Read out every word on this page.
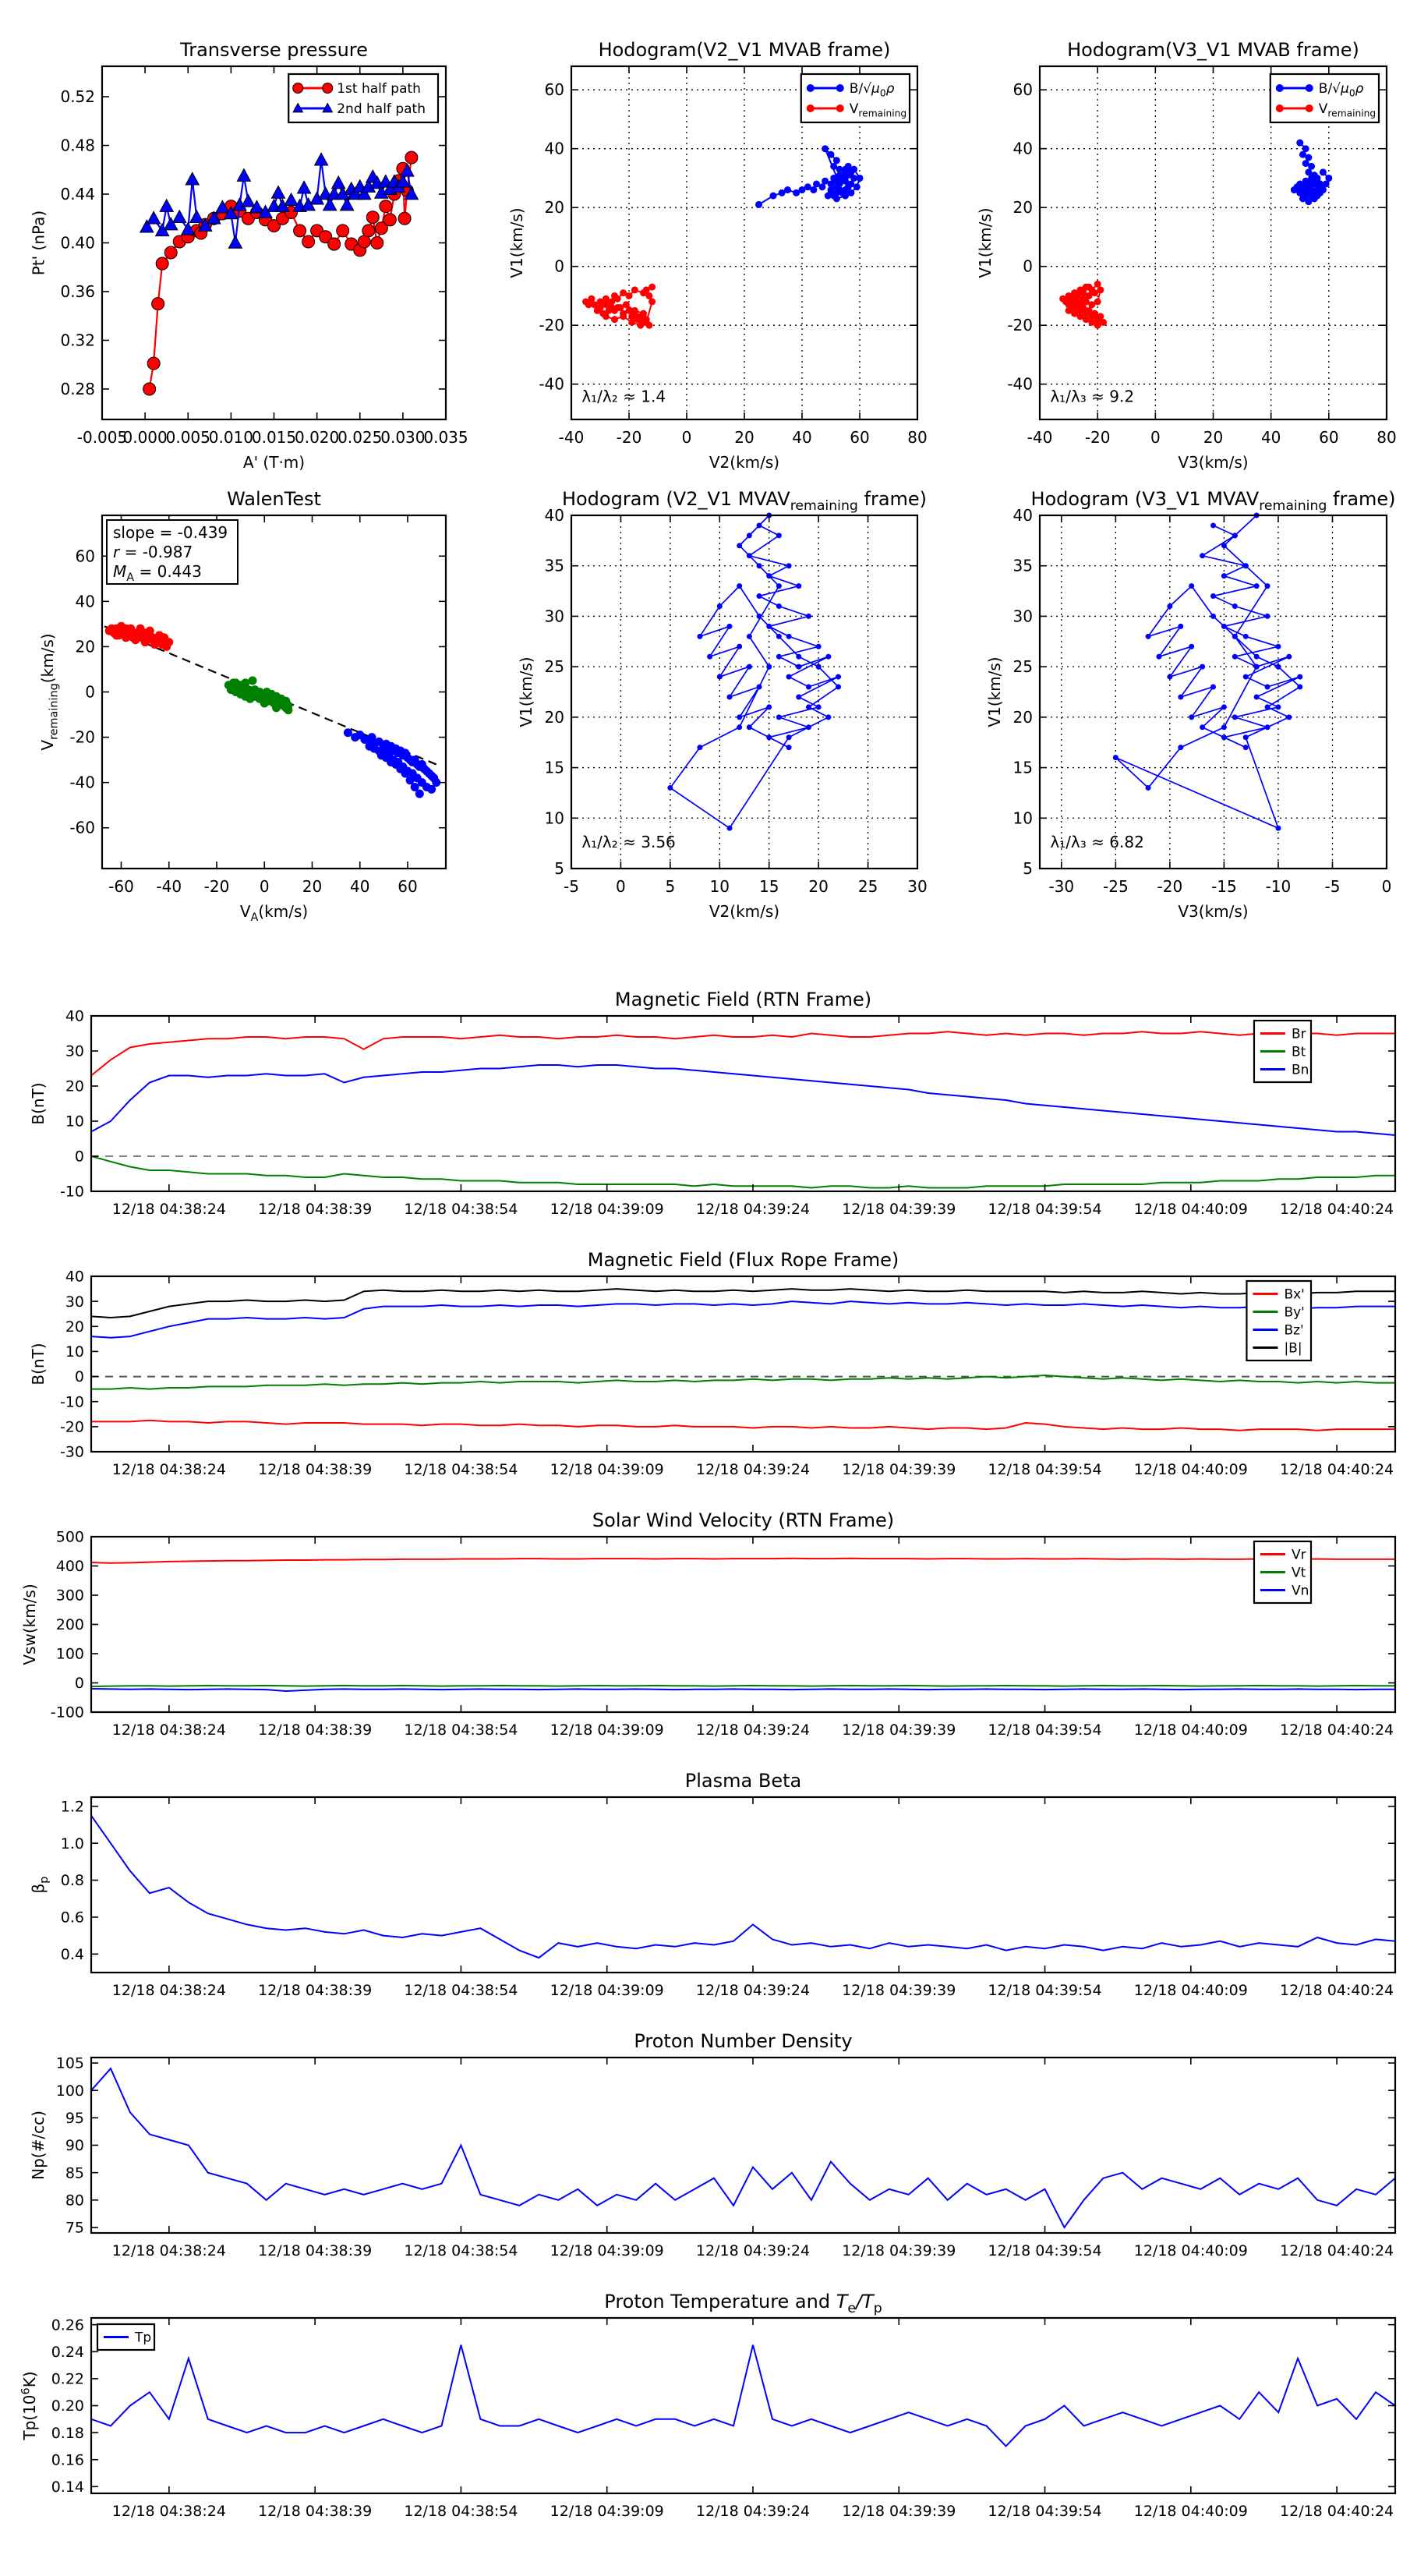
-0.005
0.000
0.005
0.010
0.015
0.020
0.025
0.030
0.035
0.28
0.32
0.36
0.40
0.44
0.48
0.52
Transverse pressure
A' (T·m)
Pt' (nPa)
1st half path
2nd half path
-40 -20	0	20 40 60 80
-40
-20
0
20
40
60
Hodogram(V2_V1 MVAB frame)
V2(km/s)
V1(km/s)
λ₁/λ₂ ≈ 1.4
$B/√\mu_0\rho$
$V_{remaining}$
-40 -20	0	20 40 60 80
-40
-20
0
20
40
60
Hodogram(V3_V1 MVAB frame)
V3(km/s)
V1(km/s)
λ₁/λ₃ ≈ 9.2
$B/√\mu_0\rho$
$V_{remaining}$
-60 -40 -20 0 20 40 60
-60
-40
-20
0
20
40
60
WalenTest
$V_A(km/s)$
$V_{remaining}(km/s)$
slope = -0.439
r = -0.987
$M_A = 0.443$
-5 0	5 10 15 20 25 30
5
10
15
20
25
30
35
40
Hodogram (V2_V1 $MVAV_{remaining}$ frame)
V2(km/s)
V1(km/s)
λ₁/λ₂ ≈ 3.56
-30 -25 -20 -15 -10 -5	0
5
10
15
20
25
30
35
40
Hodogram (V3_V1 $MVAV_{remaining}$ frame)
V3(km/s)
V1(km/s)
λ₁/λ₃ ≈ 6.82
12/18 04:38:24 12/18 04:38:39 12/18 04:38:54 12/18 04:39:09 12/18 04:39:24 12/18 04:39:39 12/18 04:39:54 12/18 04:40:09 12/18 04:40:24
-10
0
10
20
30
40
Magnetic Field (RTN Frame)
B(nT)
Br
Bt
Bn
12/18 04:38:24 12/18 04:38:39 12/18 04:38:54 12/18 04:39:09 12/18 04:39:24 12/18 04:39:39 12/18 04:39:54 12/18 04:40:09 12/18 04:40:24
-30
-20
-10
0
10
20
30
40
Magnetic Field (Flux Rope Frame)
B(nT)
Bx'
By'
Bz'
|B|
12/18 04:38:24 12/18 04:38:39 12/18 04:38:54 12/18 04:39:09 12/18 04:39:24 12/18 04:39:39 12/18 04:39:54 12/18 04:40:09 12/18 04:40:24
-100
0
100
200
300
400
500
Solar Wind Velocity (RTN Frame)
Vsw(km/s)
Vr
Vt
Vn
12/18 04:38:24 12/18 04:38:39 12/18 04:38:54 12/18 04:39:09 12/18 04:39:24 12/18 04:39:39 12/18 04:39:54 12/18 04:40:09 12/18 04:40:24
0.4
0.6
0.8
1.0
1.2
Plasma Beta
$\beta_p$
12/18 04:38:24 12/18 04:38:39 12/18 04:38:54 12/18 04:39:09 12/18 04:39:24 12/18 04:39:39 12/18 04:39:54 12/18 04:40:09 12/18 04:40:24
75
80
85
90
95
100
105
Proton Number Density
Np(#/cc)
12/18 04:38:24 12/18 04:38:39 12/18 04:38:54 12/18 04:39:09 12/18 04:39:24 12/18 04:39:39 12/18 04:39:54 12/18 04:40:09 12/18 04:40:24
0.14
0.16
0.18
0.20
0.22
0.24
0.26
Proton Temperature and $T_e/T_p$
$Tp(10^6K)$
Tp
